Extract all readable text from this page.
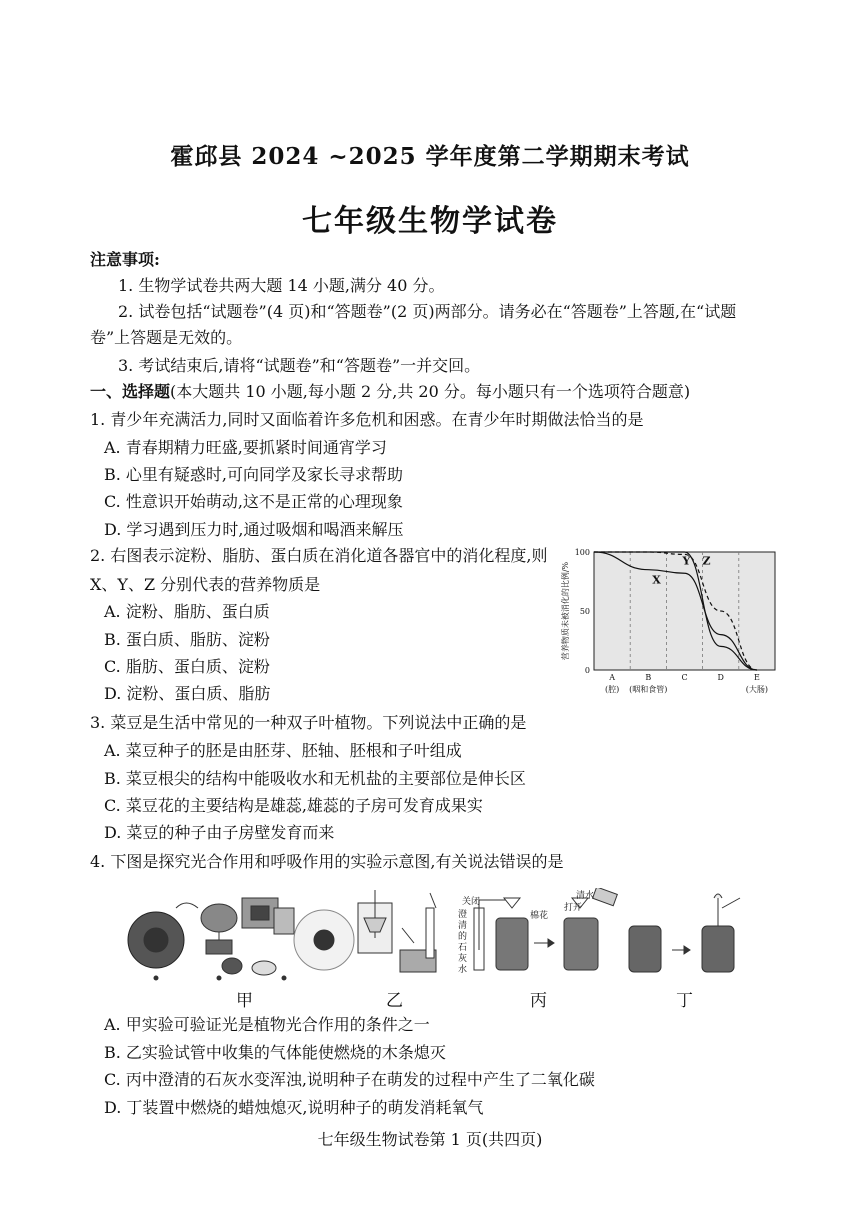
霍邱县 2024 ~2025 学年度第二学期期末考试
七年级生物学试卷
注意事项:
1. 生物学试卷共两大题 14 小题,满分 40 分。
2. 试卷包括“试题卷”(4 页)和“答题卷”(2 页)两部分。请务必在“答题卷”上答题,在“试题
卷”上答题是无效的。
3. 考试结束后,请将“试题卷”和“答题卷”一并交回。
一、选择题(本大题共 10 小题,每小题 2 分,共 20 分。每小题只有一个选项符合题意)
1. 青少年充满活力,同时又面临着许多危机和困惑。在青少年时期做法恰当的是
A. 青春期精力旺盛,要抓紧时间通宵学习
B. 心里有疑惑时,可向同学及家长寻求帮助
C. 性意识开始萌动,这不是正常的心理现象
D. 学习遇到压力时,通过吸烟和喝酒来解压
2. 右图表示淀粉、脂肪、蛋白质在消化道各器官中的消化程度,则
X、Y、Z 分别代表的营养物质是
A. 淀粉、脂肪、蛋白质
B. 蛋白质、脂肪、淀粉
C. 脂肪、蛋白质、淀粉
D. 淀粉、蛋白质、脂肪
营养物质未被消化的比例/%
100
50
0
A
(腔)
B
(咽和食管)
C	D	E
(大肠)
X
Y Z
3. 菜豆是生活中常见的一种双子叶植物。下列说法中正确的是
A. 菜豆种子的胚是由胚芽、胚轴、胚根和子叶组成
B. 菜豆根尖的结构中能吸收水和无机盐的主要部位是伸长区
C. 菜豆花的主要结构是雄蕊,雄蕊的子房可发育成果实
D. 菜豆的种子由子房壁发育而来
4. 下图是探究光合作用和呼吸作用的实验示意图,有关说法错误的是
关闭
棉花
清水
打开
澄清的石灰水
甲	乙	丙	丁
A. 甲实验可验证光是植物光合作用的条件之一
B. 乙实验试管中收集的气体能使燃烧的木条熄灭
C. 丙中澄清的石灰水变浑浊,说明种子在萌发的过程中产生了二氧化碳
D. 丁装置中燃烧的蜡烛熄灭,说明种子的萌发消耗氧气
七年级生物试卷第 1 页(共四页)
